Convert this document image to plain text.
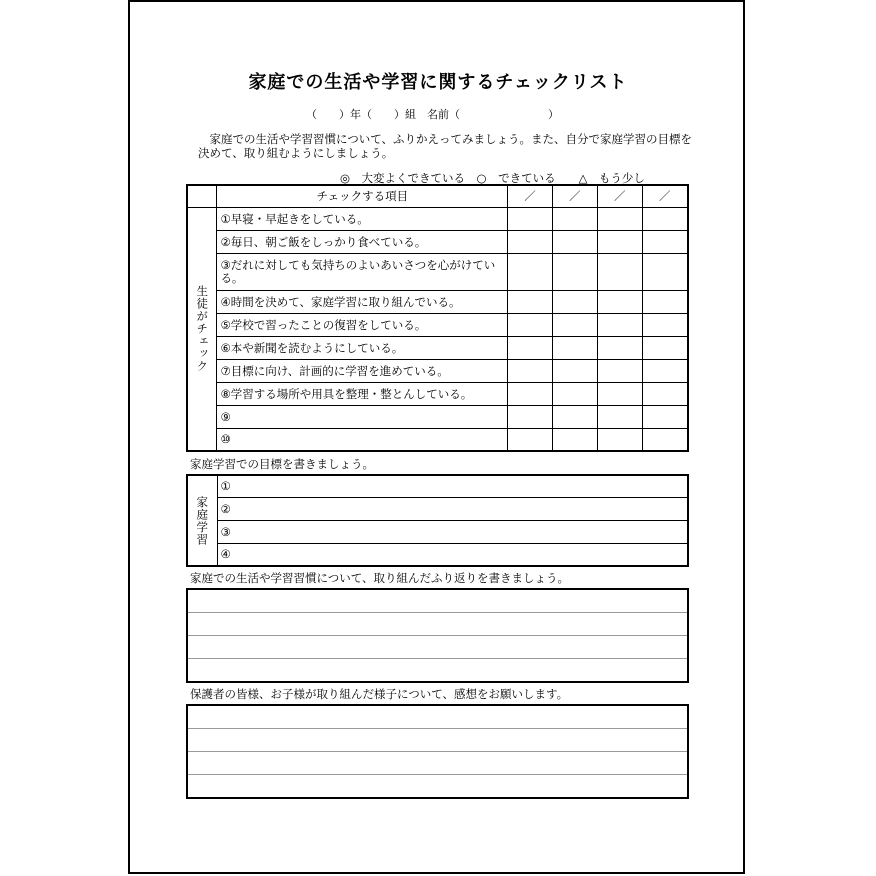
家庭での生活や学習に関するチェックリスト
（　　）年（　　）組　名前（　　　　　　　　）
　家庭での生活や学習習慣について、ふりかえってみましょう。また、自分で家庭学習の目標を決めて、取り組むようにしましょう。
◎　大変よくできている　○　できている　　△　もう少し
	チェックする項目	／	／	／	／
生徒がチェック	①早寝・早起きをしている。				
	②毎日、朝ご飯をしっかり食べている。				
	③だれに対しても気持ちのよいあいさつを心がけている。				
	④時間を決めて、家庭学習に取り組んでいる。				
	⑤学校で習ったことの復習をしている。				
	⑥本や新聞を読むようにしている。				
	⑦目標に向け、計画的に学習を進めている。				
	⑧学習する場所や用具を整理・整とんしている。				
	⑨				
	⑩				
家庭学習での目標を書きましょう。
家庭学習	①
②
③
④
家庭での生活や学習習慣について、取り組んだふり返りを書きましょう。
保護者の皆様、お子様が取り組んだ様子について、感想をお願いします。
